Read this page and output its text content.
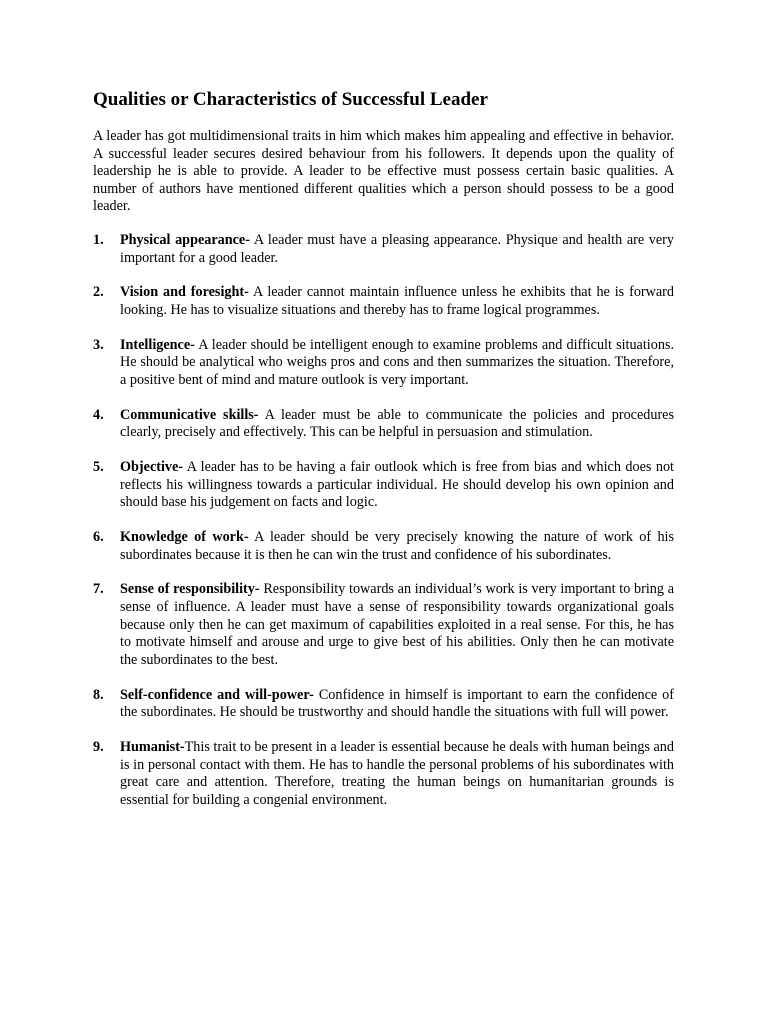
Qualities or Characteristics of Successful Leader

A leader has got multidimensional traits in him which makes him appealing and effective in behavior. A successful leader secures desired behaviour from his followers. It depends upon the quality of leadership he is able to provide. A leader to be effective must possess certain basic qualities. A number of authors have mentioned different qualities which a person should possess to be a good leader.

1.	Physical appearance- A leader must have a pleasing appearance. Physique and health are very important for a good leader.
2.	Vision and foresight- A leader cannot maintain influence unless he exhibits that he is forward looking. He has to visualize situations and thereby has to frame logical programmes.
3.	Intelligence- A leader should be intelligent enough to examine problems and difficult situations. He should be analytical who weighs pros and cons and then summarizes the situation. Therefore, a positive bent of mind and mature outlook is very important.
4.	Communicative skills- A leader must be able to communicate the policies and procedures clearly, precisely and effectively. This can be helpful in persuasion and stimulation.
5.	Objective- A leader has to be having a fair outlook which is free from bias and which does not reflects his willingness towards a particular individual. He should develop his own opinion and should base his judgement on facts and logic.
6.	Knowledge of work- A leader should be very precisely knowing the nature of work of his subordinates because it is then he can win the trust and confidence of his subordinates.
7.	Sense of responsibility- Responsibility towards an individual’s work is very important to bring a sense of influence. A leader must have a sense of responsibility towards organizational goals because only then he can get maximum of capabilities exploited in a real sense. For this, he has to motivate himself and arouse and urge to give best of his abilities. Only then he can motivate the subordinates to the best.
8.	Self-confidence and will-power- Confidence in himself is important to earn the confidence of the subordinates. He should be trustworthy and should handle the situations with full will power.
9.	Humanist-This trait to be present in a leader is essential because he deals with human beings and is in personal contact with them. He has to handle the personal problems of his subordinates with great care and attention. Therefore, treating the human beings on humanitarian grounds is essential for building a congenial environment.
